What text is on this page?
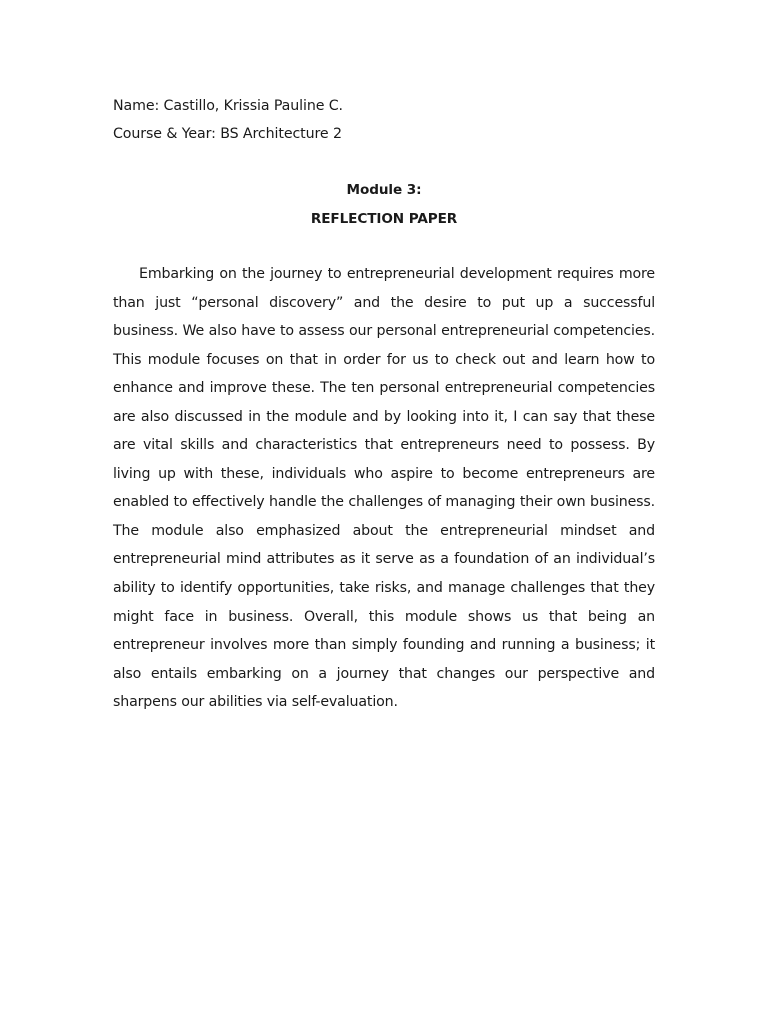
Name: Castillo, Krissia Pauline C.
Course & Year: BS Architecture 2
Module 3:
REFLECTION PAPER

Embarking on the journey to entrepreneurial development requires more than just “personal discovery” and the desire to put up a successful business. We also have to assess our personal entrepreneurial competencies. This module focuses on that in order for us to check out and learn how to enhance and improve these. The ten personal entrepreneurial competencies are also discussed in the module and by looking into it, I can say that these are vital skills and characteristics that entrepreneurs need to possess. By living up with these, individuals who aspire to become entrepreneurs are enabled to effectively handle the challenges of managing their own business. The module also emphasized about the entrepreneurial mindset and entrepreneurial mind attributes as it serve as a foundation of an individual’s ability to identify opportunities, take risks, and manage challenges that they might face in business. Overall, this module shows us that being an entrepreneur involves more than simply founding and running a business; it also entails embarking on a journey that changes our perspective and sharpens our abilities via self-evaluation.
